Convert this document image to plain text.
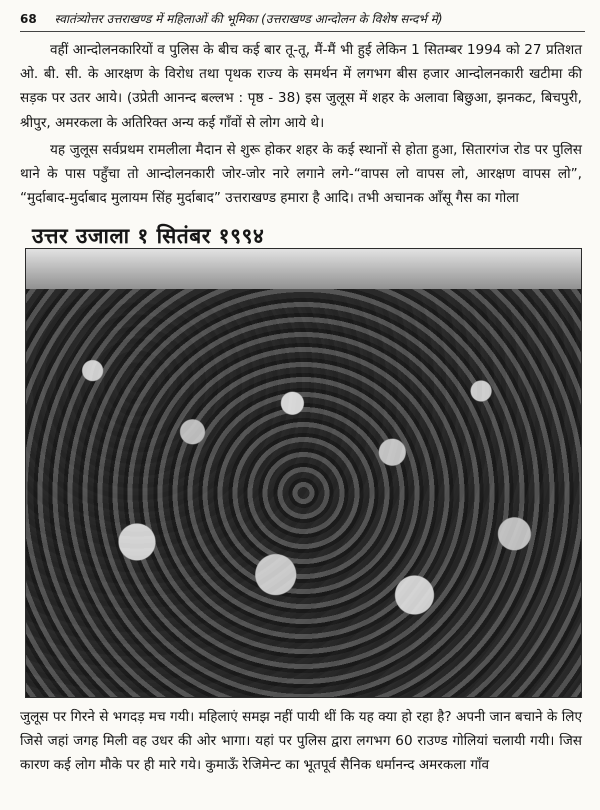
68 स्वातंत्र्योत्तर उत्तराखण्ड में महिलाओं की भूमिका (उत्तराखण्ड आन्दोलन के विशेष सन्दर्भ में)

वहीं आन्दोलनकारियों व पुलिस के बीच कई बार तू-तू, मैं-मैं भी हुई लेकिन 1 सितम्बर 1994 को 27 प्रतिशत ओ. बी. सी. के आरक्षण के विरोध तथा पृथक राज्य के समर्थन में लगभग बीस हजार आन्दोलनकारी खटीमा की सड़क पर उतर आये। (उप्रेती आनन्द बल्लभ : पृष्ठ - 38) इस जुलूस में शहर के अलावा बिछुआ, झनकट, बिचपुरी, श्रीपुर, अमरकला के अतिरिक्त अन्य कई गाँवों से लोग आये थे।

यह जुलूस सर्वप्रथम रामलीला मैदान से शुरू होकर शहर के कई स्थानों से होता हुआ, सितारगंज रोड पर पुलिस थाने के पास पहुँचा तो आन्दोलनकारी जोर-जोर नारे लगाने लगे-“वापस लो वापस लो, आरक्षण वापस लो”, “मुर्दाबाद-मुर्दाबाद मुलायम सिंह मुर्दाबाद” उत्तराखण्ड हमारा है आदि। तभी अचानक आँसू गैस का गोला

उत्तर उजाला १ सितंबर १९९४

जुलूस पर गिरने से भगदड़ मच गयी। महिलाएं समझ नहीं पायी थीं कि यह क्या हो रहा है? अपनी जान बचाने के लिए जिसे जहां जगह मिली वह उधर की ओर भागा। यहां पर पुलिस द्वारा लगभग 60 राउण्ड गोलियां चलायी गयी। जिस कारण कई लोग मौके पर ही मारे गये। कुमाऊँ रेजिमेन्ट का भूतपूर्व सैनिक धर्मानन्द अमरकला गाँव
